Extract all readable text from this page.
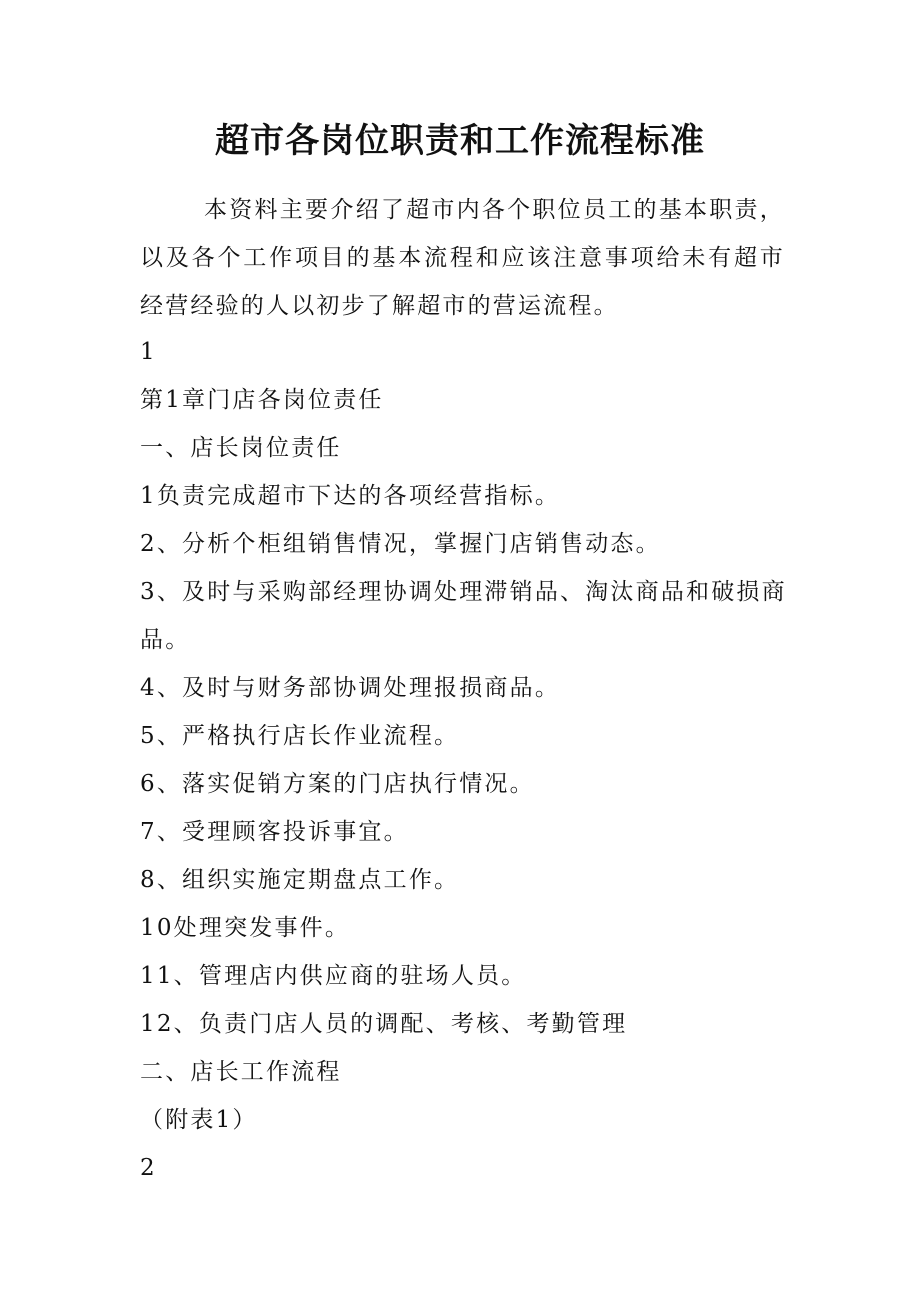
超市各岗位职责和工作流程标准
本资料主要介绍了超市内各个职位员工的基本职责，以及各个工作项目的基本流程和应该注意事项给未有超市经营经验的人以初步了解超市的营运流程。
1
第1章门店各岗位责任
一、店长岗位责任
1负责完成超市下达的各项经营指标。
2、分析个柜组销售情况，掌握门店销售动态。
3、及时与采购部经理协调处理滞销品、淘汰商品和破损商品。
4、及时与财务部协调处理报损商品。
5、严格执行店长作业流程。
6、落实促销方案的门店执行情况。
7、受理顾客投诉事宜。
8、组织实施定期盘点工作。
10处理突发事件。
11、管理店内供应商的驻场人员。
12、负责门店人员的调配、考核、考勤管理
二、店长工作流程
（附表1）
2
